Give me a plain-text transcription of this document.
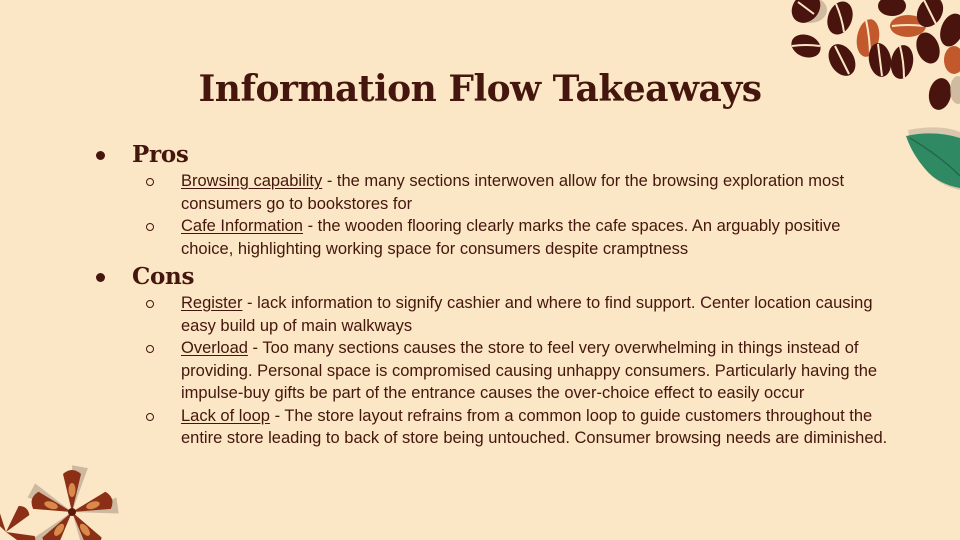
Information Flow Takeaways
Pros
Browsing capability - the many sections interwoven allow for the browsing exploration most consumers go to bookstores for
Cafe Information - the wooden flooring clearly marks the cafe spaces. An arguably positive choice, highlighting working space for consumers despite cramptness
Cons
Register - lack information to signify cashier and where to find support. Center location causing easy build up of main walkways
Overload - Too many sections causes the store to feel very overwhelming in things instead of providing. Personal space is compromised causing unhappy consumers. Particularly having the impulse-buy gifts be part of the entrance causes the over-choice effect to easily occur
Lack of loop - The store layout refrains from a common loop to guide customers throughout the entire store leading to back of store being untouched. Consumer browsing needs are diminished.
